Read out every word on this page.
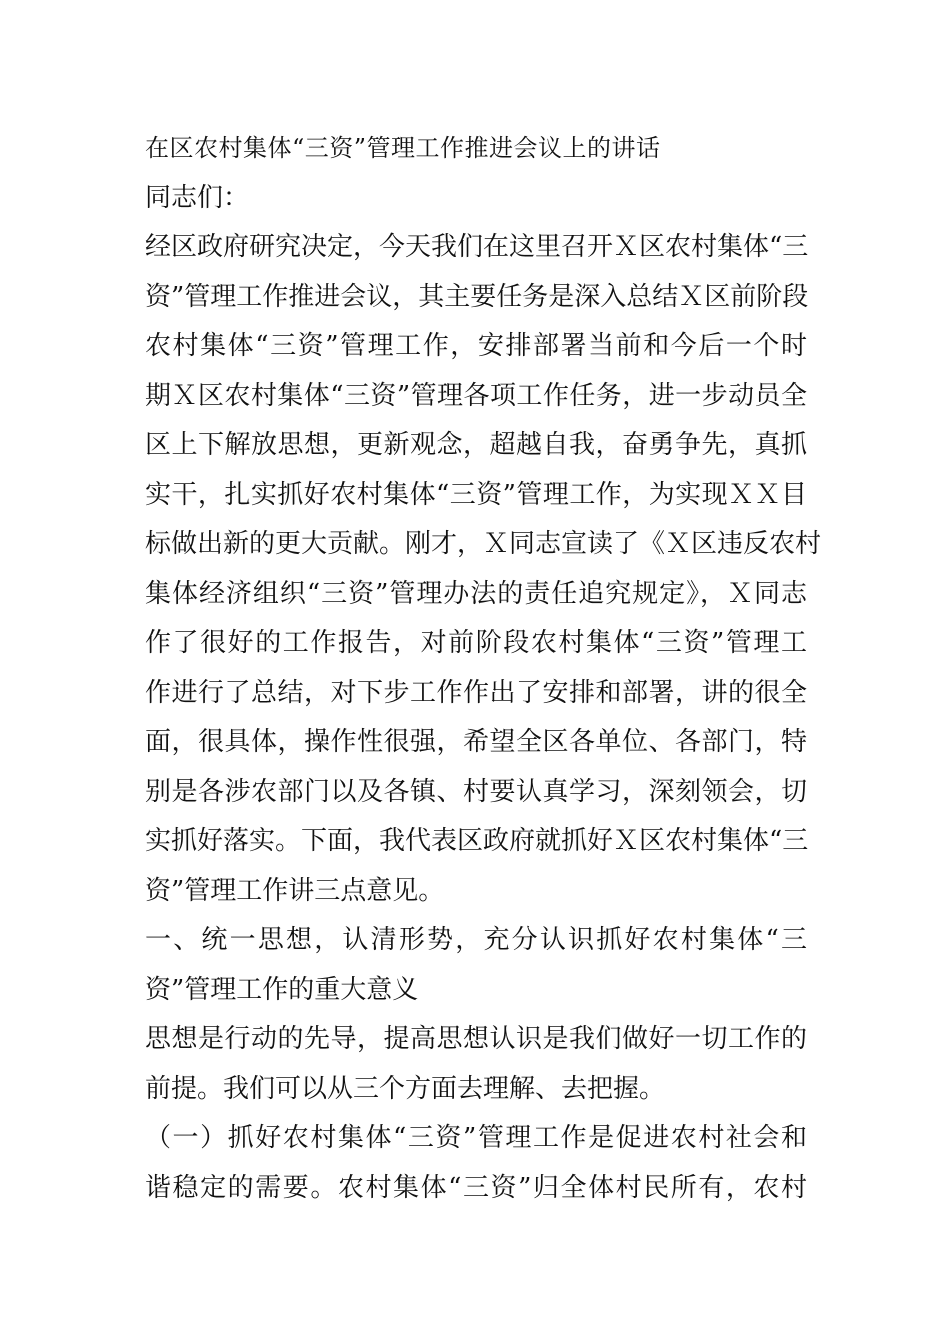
在区农村集体“三资”管理工作推进会议上的讲话

同志们：

经区政府研究决定，今天我们在这里召开Ｘ区农村集体“三
资”管理工作推进会议，其主要任务是深入总结Ｘ区前阶段
农村集体“三资”管理工作，安排部署当前和今后一个时
期Ｘ区农村集体“三资”管理各项工作任务，进一步动员全
区上下解放思想，更新观念，超越自我，奋勇争先，真抓
实干，扎实抓好农村集体“三资”管理工作，为实现ＸＸ目
标做出新的更大贡献。刚才，Ｘ同志宣读了《Ｘ区违反农村
集体经济组织“三资”管理办法的责任追究规定》，Ｘ同志
作了很好的工作报告，对前阶段农村集体“三资”管理工
作进行了总结，对下步工作作出了安排和部署，讲的很全
面，很具体，操作性很强，希望全区各单位、各部门，特
别是各涉农部门以及各镇、村要认真学习，深刻领会，切
实抓好落实。下面，我代表区政府就抓好Ｘ区农村集体“三
资”管理工作讲三点意见。

一、统一思想，认清形势，充分认识抓好农村集体“三
资”管理工作的重大意义

思想是行动的先导，提高思想认识是我们做好一切工作的
前提。我们可以从三个方面去理解、去把握。

（一）抓好农村集体“三资”管理工作是促进农村社会和
谐稳定的需要。农村集体“三资”归全体村民所有，农村
